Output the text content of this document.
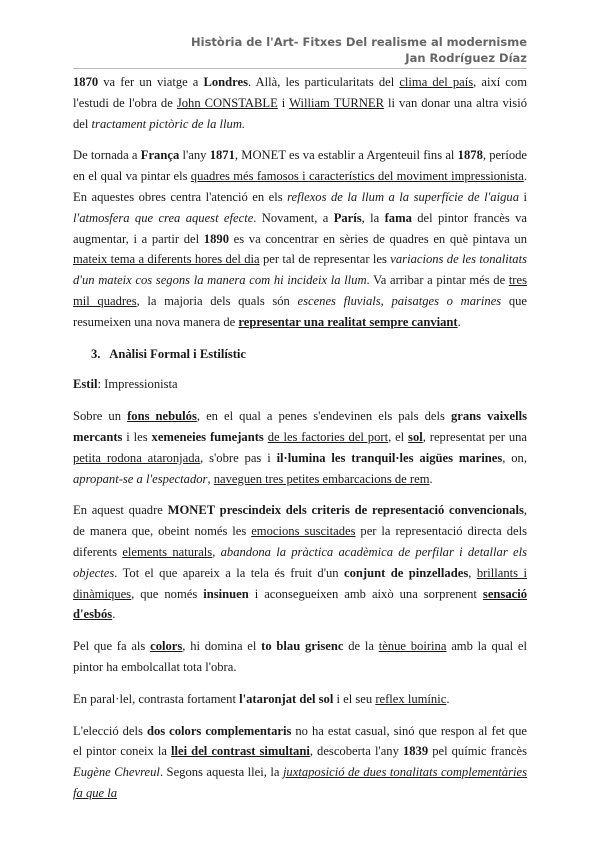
Història de l'Art- Fitxes Del realisme al modernisme
Jan Rodríguez Díaz

1870 va fer un viatge a Londres. Allà, les particularitats del clima del país, així com l'estudi de l'obra de John CONSTABLE i William TURNER li van donar una altra visió del tractament pictòric de la llum.

De tornada a França l'any 1871, MONET es va establir a Argenteuil fins al 1878, període en el qual va pintar els quadres més famosos i característics del moviment impressionista. En aquestes obres centra l'atenció en els reflexos de la llum a la superfície de l'aigua i l'atmosfera que crea aquest efecte. Novament, a París, la fama del pintor francès va augmentar, i a partir del 1890 es va concentrar en sèries de quadres en què pintava un mateix tema a diferents hores del dia per tal de representar les variacions de les tonalitats d'un mateix cos segons la manera com hi incideix la llum. Va arribar a pintar més de tres mil quadres, la majoria dels quals són escenes fluvials, paisatges o marines que resumeixen una nova manera de representar una realitat sempre canviant.

3. Anàlisi Formal i Estilístic

Estil: Impressionista

Sobre un fons nebulós, en el qual a penes s'endevinen els pals dels grans vaixells mercants i les xemeneies fumejants de les factories del port, el sol, representat per una petita rodona ataronjada, s'obre pas i il·lumina les tranquil·les aigües marines, on, apropant-se a l'espectador, naveguen tres petites embarcacions de rem.

En aquest quadre MONET prescindeix dels criteris de representació convencionals, de manera que, obeint només les emocions suscitades per la representació directa dels diferents elements naturals, abandona la pràctica acadèmica de perfilar i detallar els objectes. Tot el que apareix a la tela és fruit d'un conjunt de pinzellades, brillants i dinàmiques, que només insinuen i aconsegueixen amb això una sorprenent sensació d'esbós.

Pel que fa als colors, hi domina el to blau grisenc de la tènue boirina amb la qual el pintor ha embolcallat tota l'obra.

En paral·lel, contrasta fortament l'ataronjat del sol i el seu reflex lumínic.

L'elecció dels dos colors complementaris no ha estat casual, sinó que respon al fet que el pintor coneix la llei del contrast simultani, descoberta l'any 1839 pel químic francès Eugène Chevreul. Segons aquesta llei, la juxtaposició de dues tonalitats complementàries fa que la
